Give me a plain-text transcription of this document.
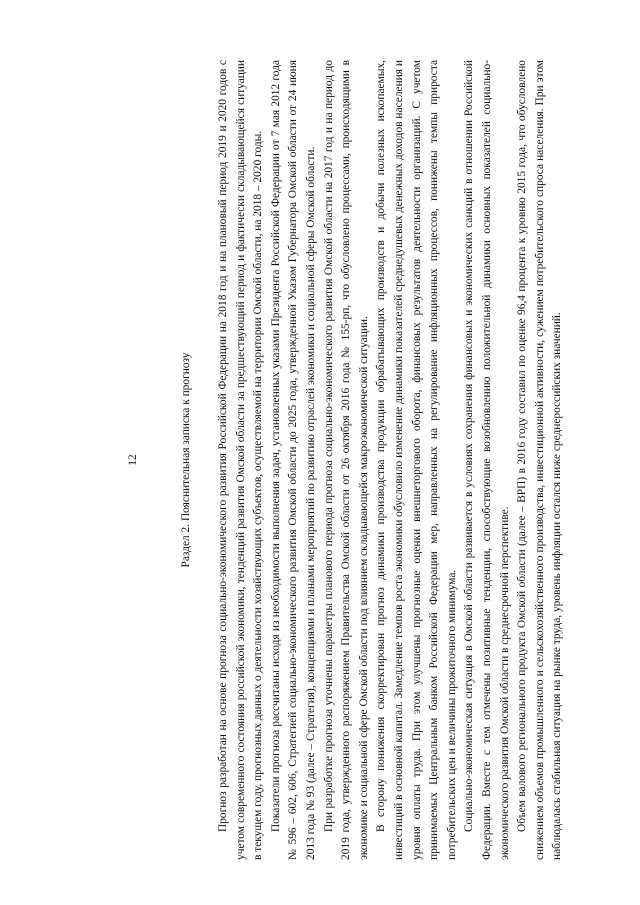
12	Раздел 2. Пояснительная записка к прогнозу	Прогноз разработан на основе прогноза социально-экономического развития Российской Федерации на 2018 год и на плановый период 2019 и 2020 годов с учетом современного состояния российской экономики, тенденций развития Омской области за предшествующий период и фактически складывающейся ситуации в текущем году, прогнозных данных о деятельности хозяйствующих субъектов, осуществляемой на территории Омской области, на 2018 – 2020 годы. Показатели прогноза рассчитаны исходя из необходимости выполнения задач, установленных указами Президента Российской Федерации от 7 мая 2012 года № 596 – 602, 606, Стратегией социально-экономического развития Омской области до 2025 года, утвержденной Указом Губернатора Омской области от 24 июня 2013 года № 93 (далее – Стратегия), концепциями и планами мероприятий по развитию отраслей экономики и социальной сферы Омской области. При разработке прогноза уточнены параметры планового периода прогноза социально-экономического развития Омской области на 2017 год и на период до 2019 года, утвержденного распоряжением Правительства Омской области от 26 октября 2016 года № 155-рп, что обусловлено процессами, происходящими в экономике и социальной сфере Омской области под влиянием складывающейся макроэкономической ситуации. В сторону понижения скорректирован прогноз динамики производства продукции обрабатывающих производств и добычи полезных ископаемых, инвестиций в основной капитал. Замедление темпов роста экономики обусловило изменение динамики показателей среднедушевых денежных доходов населения и уровня оплаты труда. При этом улучшены прогнозные оценки внешнеторгового оборота, финансовых результатов деятельности организаций. С учетом принимаемых Центральным банком Российской Федерации мер, направленных на регулирование инфляционных процессов, понижены темпы прироста потребительских цен и величины прожиточного минимума. Социально-экономическая ситуация в Омской области развивается в условиях сохранения финансовых и экономических санкций в отношении Российской Федерации. Вместе с тем отмечены позитивные тенденции, способствующие возобновлению положительной динамики основных показателей социально-экономического развития Омской области в среднесрочной перспективе. Объем валового регионального продукта Омской области (далее – ВРП) в 2016 году составил по оценке 96,4 процента к уровню 2015 года, что обусловлено снижением объемов промышленного и сельскохозяйственного производства, инвестиционной активности, сужением потребительского спроса населения. При этом наблюдалась стабильная ситуация на рынке труда, уровень инфляции остался ниже среднероссийских значений.
